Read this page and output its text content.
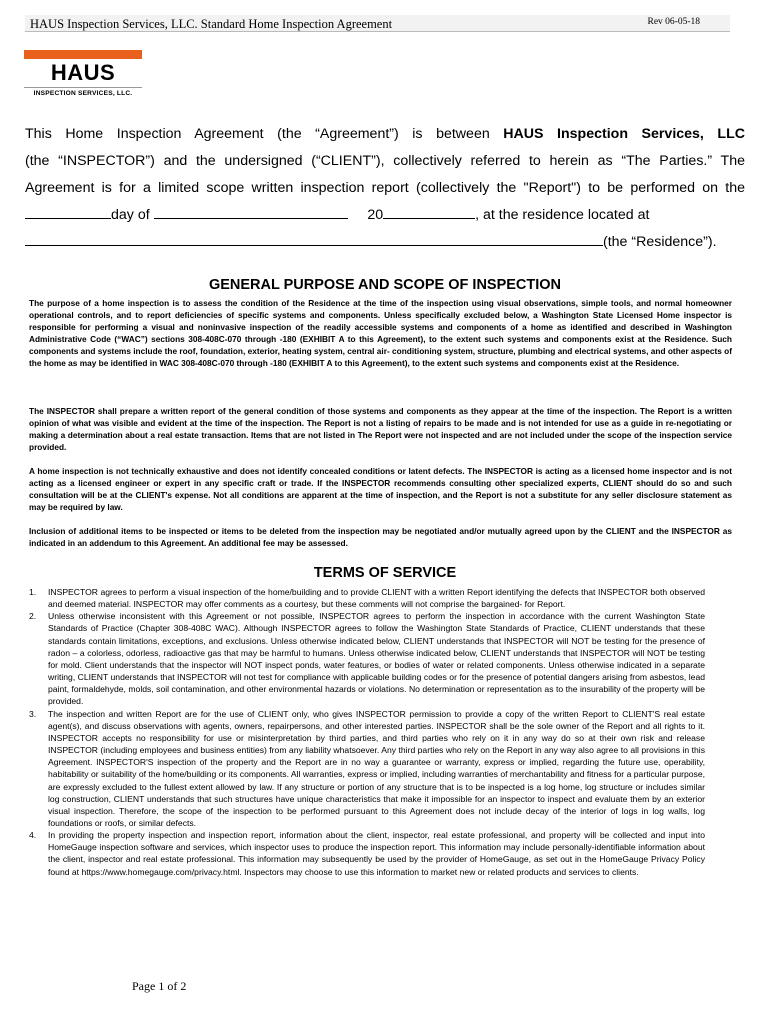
HAUS Inspection Services, LLC. Standard Home Inspection Agreement	Rev 06-05-18
HAUS
INSPECTION SERVICES, LLC.

This Home Inspection Agreement (the “Agreement”) is between HAUS Inspection Services, LLC

(the “INSPECTOR”) and the undersigned (“CLIENT”), collectively referred to herein as “The Parties.” The

Agreement is for a limited scope written inspection report (collectively the "Report") to be performed on the

day of	20	, at the residence located at

(the “Residence”).

GENERAL PURPOSE AND SCOPE OF INSPECTION

The purpose of a home inspection is to assess the condition of the Residence at the time of the inspection using visual observations, simple tools, and normal homeowner operational controls, and to report deficiencies of specific systems and components. Unless specifically excluded below, a Washington State Licensed Home inspector is responsible for performing a visual and noninvasive inspection of the readily accessible systems and components of a home as identified and described in Washington Administrative Code (“WAC”) sections 308-408C-070 through -180 (EXHIBIT A to this Agreement), to the extent such systems and components exist at the Residence. Such components and systems include the roof, foundation, exterior, heating system, central air- conditioning system, structure, plumbing and electrical systems, and other aspects of the home as may be identified in WAC 308-408C-070 through -180 (EXHIBIT A to this Agreement), to the extent such systems and components exist at the Residence.

The INSPECTOR shall prepare a written report of the general condition of those systems and components as they appear at the time of the inspection. The Report is a written opinion of what was visible and evident at the time of the inspection. The Report is not a listing of repairs to be made and is not intended for use as a guide in re-negotiating or making a determination about a real estate transaction. Items that are not listed in The Report were not inspected and are not included under the scope of the inspection service provided.

A home inspection is not technically exhaustive and does not identify concealed conditions or latent defects. The INSPECTOR is acting as a licensed home inspector and is not acting as a licensed engineer or expert in any specific craft or trade. If the INSPECTOR recommends consulting other specialized experts, CLIENT should do so and such consultation will be at the CLIENT's expense. Not all conditions are apparent at the time of inspection, and the Report is not a substitute for any seller disclosure statement as may be required by law.

Inclusion of additional items to be inspected or items to be deleted from the inspection may be negotiated and/or mutually agreed upon by the CLIENT and the INSPECTOR as indicated in an addendum to this Agreement. An additional fee may be assessed.

TERMS OF SERVICE
1.	INSPECTOR agrees to perform a visual inspection of the home/building and to provide CLIENT with a written Report identifying the defects that INSPECTOR both observed and deemed material. INSPECTOR may offer comments as a courtesy, but these comments will not comprise the bargained- for Report.
2.	Unless otherwise inconsistent with this Agreement or not possible, INSPECTOR agrees to perform the inspection in accordance with the current Washington State Standards of Practice (Chapter 308-408C WAC). Although INSPECTOR agrees to follow the Washington State Standards of Practice, CLIENT understands that these standards contain limitations, exceptions, and exclusions. Unless otherwise indicated below, CLIENT understands that INSPECTOR will NOT be testing for the presence of radon – a colorless, odorless, radioactive gas that may be harmful to humans. Unless otherwise indicated below, CLIENT understands that INSPECTOR will NOT be testing for mold. Client understands that the inspector will NOT inspect ponds, water features, or bodies of water or related components. Unless otherwise indicated in a separate writing, CLIENT understands that INSPECTOR will not test for compliance with applicable building codes or for the presence of potential dangers arising from asbestos, lead paint, formaldehyde, molds, soil contamination, and other environmental hazards or violations. No determination or representation as to the insurability of the property will be provided.
3.	The inspection and written Report are for the use of CLIENT only, who gives INSPECTOR permission to provide a copy of the written Report to CLIENT'S real estate agent(s), and discuss observations with agents, owners, repairpersons, and other interested parties. INSPECTOR shall be the sole owner of the Report and all rights to it. INSPECTOR accepts no responsibility for use or misinterpretation by third parties, and third parties who rely on it in any way do so at their own risk and release INSPECTOR (including employees and business entities) from any liability whatsoever. Any third parties who rely on the Report in any way also agree to all provisions in this Agreement. INSPECTOR'S inspection of the property and the Report are in no way a guarantee or warranty, express or implied, regarding the future use, operability, habitability or suitability of the home/building or its components. All warranties, express or implied, including warranties of merchantability and fitness for a particular purpose, are expressly excluded to the fullest extent allowed by law. If any structure or portion of any structure that is to be inspected is a log home, log structure or includes similar log construction, CLIENT understands that such structures have unique characteristics that make it impossible for an inspector to inspect and evaluate them by an exterior visual inspection. Therefore, the scope of the inspection to be performed pursuant to this Agreement does not include decay of the interior of logs in log walls, log foundations or roofs, or similar defects.
4.	In providing the property inspection and inspection report, information about the client, inspector, real estate professional, and property will be collected and input into HomeGauge inspection software and services, which inspector uses to produce the inspection report. This information may include personally-identifiable information about the client, inspector and real estate professional. This information may subsequently be used by the provider of HomeGauge, as set out in the HomeGauge Privacy Policy found at https://www.homegauge.com/privacy.html. Inspectors may choose to use this information to market new or related products and services to clients.
Page 1 of 2
